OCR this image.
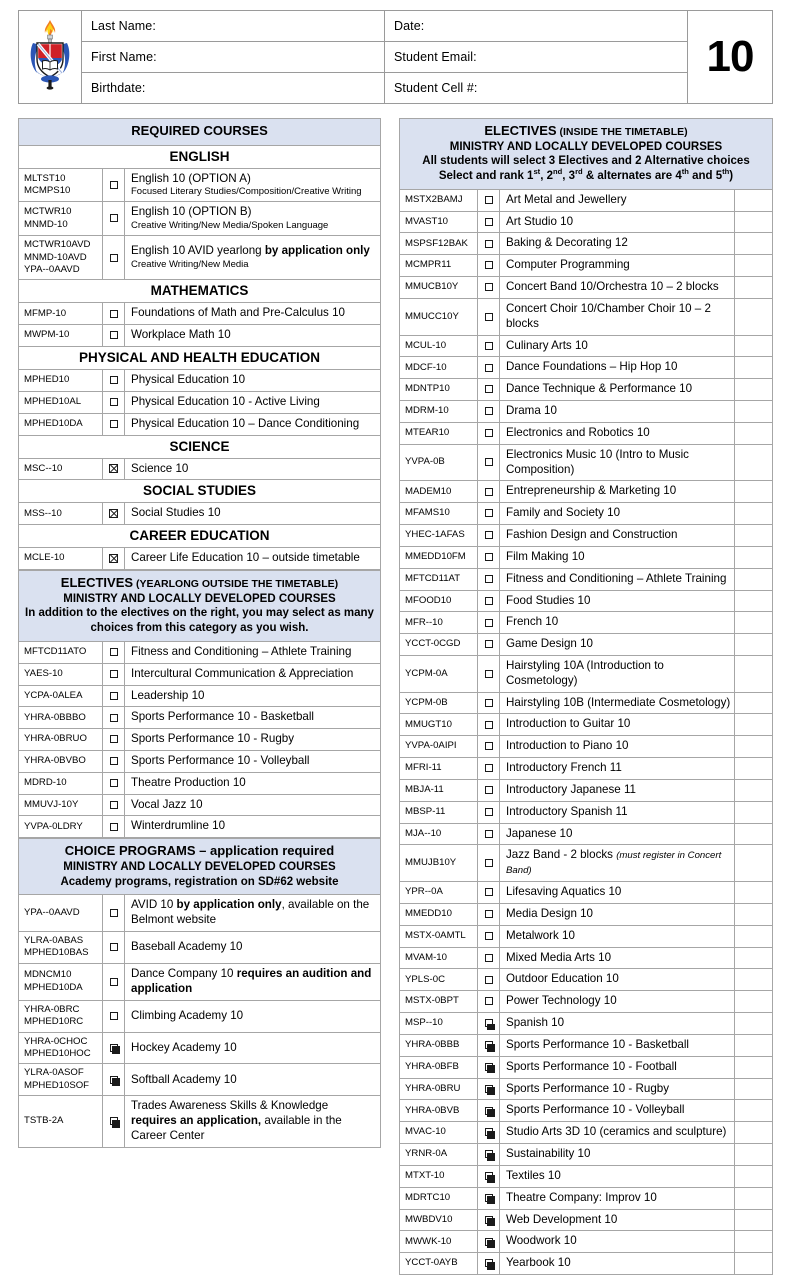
	Last Name:	Date:	10

	First Name:	Student Email:	
	Birthdate:	Student Cell #:	
REQUIRED COURSES		
ENGLISH		
MLTST10
MCMPS10		English 10 (OPTION A)
Focused Literary Studies/Composition/Creative Writing

MCTWR10
MNMD-10		English 10 (OPTION B)
Creative Writing/New Media/Spoken Language

MCTWR10AVD
MNMD-10AVD
YPA--0AAVD		English 10 AVID yearlong by application only
Creative Writing/New Media

MATHEMATICS		
MFMP-10		Foundations of Math and Pre-Calculus 10
MWPM-10		Workplace Math 10
PHYSICAL AND HEALTH EDUCATION		
MPHED10		Physical Education 10
MPHED10AL		Physical Education 10 - Active Living
MPHED10DA		Physical Education 10 – Dance Conditioning
SCIENCE		
MSC--10		Science 10
SOCIAL STUDIES		
MSS--10		Social Studies 10
CAREER EDUCATION		
MCLE-10		Career Life Education 10 – outside timetable
ELECTIVES (YEARLONG OUTSIDE THE TIMETABLE)
MINISTRY AND LOCALLY DEVELOPED COURSES
In addition to the electives on the right, you may select as many choices from this category as you wish.		

MFTCD11ATO		Fitness and Conditioning – Athlete Training
YAES-10		Intercultural Communication & Appreciation
YCPA-0ALEA		Leadership 10
YHRA-0BBBO		Sports Performance 10 - Basketball
YHRA-0BRUO		Sports Performance 10 - Rugby
YHRA-0BVBO		Sports Performance 10 - Volleyball
MDRD-10		Theatre Production 10
MMUVJ-10Y		Vocal Jazz 10
YVPA-0LDRY		Winterdrumline 10
CHOICE PROGRAMS – application required
MINISTRY AND LOCALLY DEVELOPED COURSES
Academy programs, registration on SD#62 website		

YPA--0AAVD		AVID 10 by application only, available on the Belmont website
YLRA-0ABAS
MPHED10BAS		Baseball Academy 10
MDNCM10
MPHED10DA		Dance Company 10 requires an audition and application
YHRA-0BRC
MPHED10RC		Climbing Academy 10
YHRA-0CHOC
MPHED10HOC		Hockey Academy 10
YLRA-0ASOF
MPHED10SOF		Softball Academy 10
TSTB-2A		Trades Awareness Skills & Knowledge requires an application, available in the Career Center
ELECTIVES (INSIDE THE TIMETABLE)
MINISTRY AND LOCALLY DEVELOPED COURSES
All students will select 3 Electives and 2 Alternative choices
Select and rank 1st, 2nd, 3rd & alternates are 4th and 5th)			

MSTX2BAMJ		Art Metal and Jewellery	
MVAST10		Art Studio 10	
MSPSF12BAK		Baking & Decorating 12	
MCMPR11		Computer Programming	
MMUCB10Y		Concert Band 10/Orchestra 10 – 2 blocks	
MMUCC10Y		Concert Choir 10/Chamber Choir 10 – 2 blocks	
MCUL-10		Culinary Arts 10	
MDCF-10		Dance Foundations – Hip Hop 10	
MDNTP10		Dance Technique & Performance 10	
MDRM-10		Drama 10	
MTEAR10		Electronics and Robotics 10	
YVPA-0B		Electronics Music 10 (Intro to Music Composition)	
MADEM10		Entrepreneurship & Marketing 10	
MFAMS10		Family and Society 10	
YHEC-1AFAS		Fashion Design and Construction	
MMEDD10FM		Film Making 10	
MFTCD11AT		Fitness and Conditioning – Athlete Training	
MFOOD10		Food Studies 10	
MFR--10		French 10	
YCCT-0CGD		Game Design 10	
YCPM-0A		Hairstyling 10A (Introduction to Cosmetology)	
YCPM-0B		Hairstyling 10B (Intermediate Cosmetology)	
MMUGT10		Introduction to Guitar 10	
YVPA-0AIPI		Introduction to Piano 10	
MFRI-11		Introductory French 11	
MBJA-11		Introductory Japanese 11	
MBSP-11		Introductory Spanish 11	
MJA--10		Japanese 10	
MMUJB10Y		Jazz Band - 2 blocks (must register in Concert Band)	
YPR--0A		Lifesaving Aquatics 10	
MMEDD10		Media Design 10	
MSTX-0AMTL		Metalwork 10	
MVAM-10		Mixed Media Arts 10	
YPLS-0C		Outdoor Education 10	
MSTX-0BPT		Power Technology 10	
MSP--10		Spanish 10	
YHRA-0BBB		Sports Performance 10 - Basketball	
YHRA-0BFB		Sports Performance 10 - Football	
YHRA-0BRU		Sports Performance 10 - Rugby	
YHRA-0BVB		Sports Performance 10 - Volleyball	
MVAC-10		Studio Arts 3D 10 (ceramics and sculpture)	
YRNR-0A		Sustainability 10	
MTXT-10		Textiles 10	
MDRTC10		Theatre Company: Improv 10	
MWBDV10		Web Development 10	
MWWK-10		Woodwork 10	
YCCT-0AYB		Yearbook 10	
